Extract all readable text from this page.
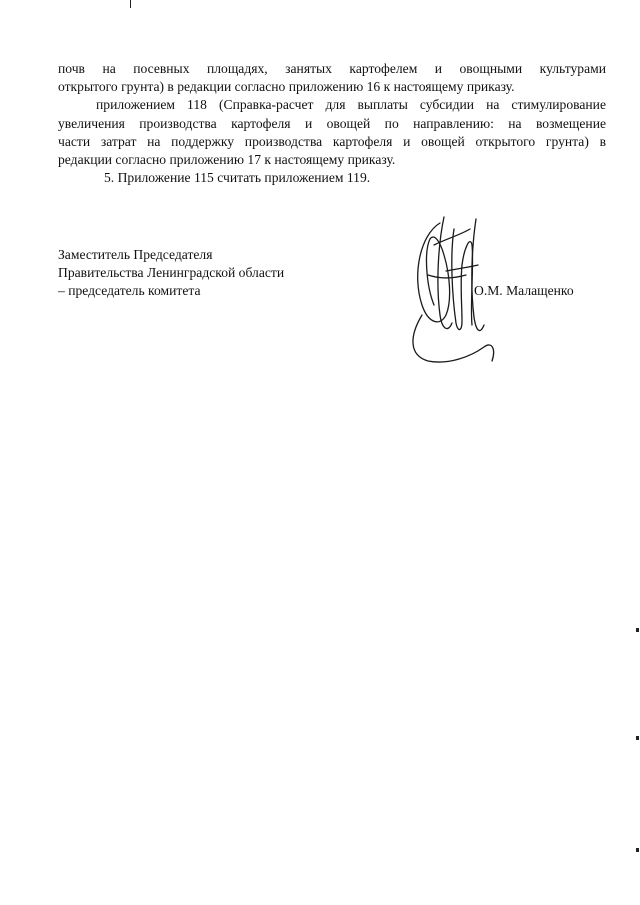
почв на посевных площадях, занятых картофелем и овощными культурами
открытого грунта) в редакции согласно приложению 16 к настоящему приказу.

приложением 118 (Справка-расчет для выплаты субсидии на стимулирование
увеличения производства картофеля и овощей по направлению: на возмещение
части затрат на поддержку производства картофеля и овощей открытого грунта) в
редакции согласно приложению 17 к настоящему приказу.

5. Приложение 115 считать приложением 119.

Заместитель Председателя
Правительства Ленинградской области
– председатель комитета	О.М. Малащенко
